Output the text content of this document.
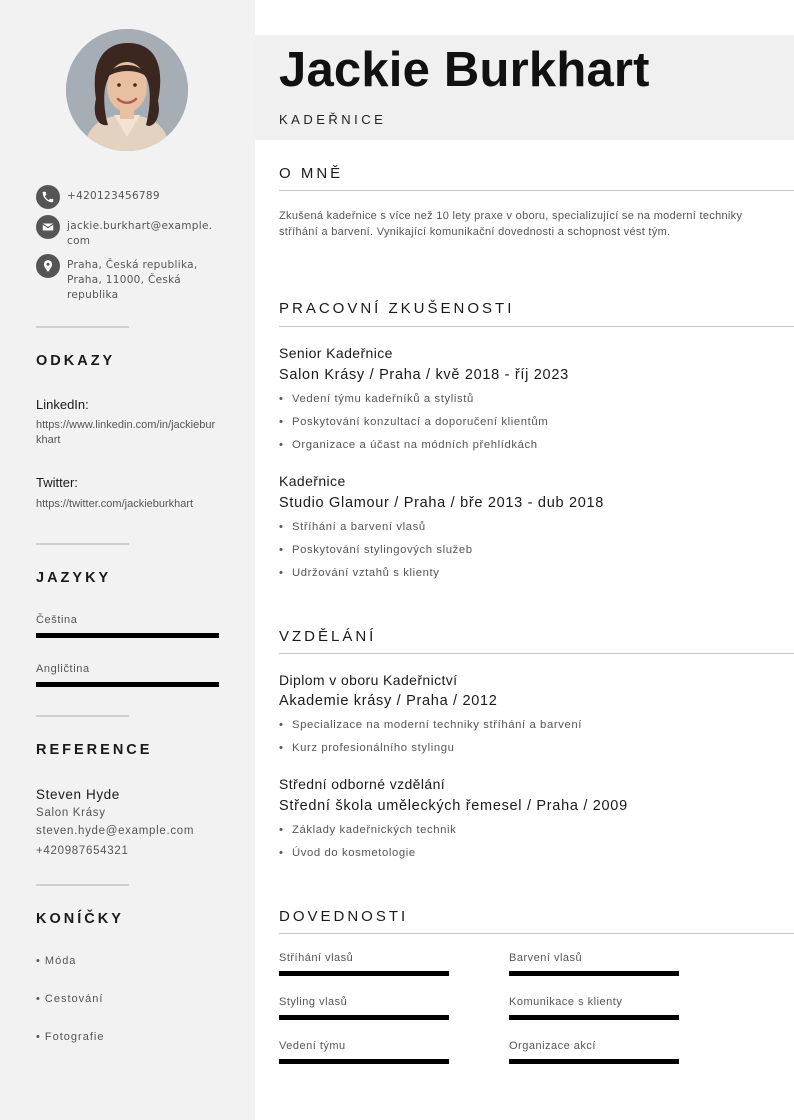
+420123456789
jackie.burkhart@example.com
Praha, Česká republika, Praha, 11000, Česká republika
ODKAZY
LinkedIn:
https://www.linkedin.com/in/jackieburkhart
Twitter:
https://twitter.com/jackieburkhart
JAZYKY
Čeština
Angličtina
REFERENCE
Steven Hyde
Salon Krásy
steven.hyde@example.com
+420987654321
KONÍČKY
• Móda
• Cestování
• Fotografie
Jackie Burkhart
KADEŘNICE
O MNĚ
Zkušená kadeřnice s více než 10 lety praxe v oboru, specializující se na moderní techniky stříhání a barvení. Vynikající komunikační dovednosti a schopnost vést tým.
PRACOVNÍ ZKUŠENOSTI
Senior Kadeřnice
Salon Krásy / Praha / kvě 2018 - říj 2023
• Vedení týmu kadeřníků a stylistů
• Poskytování konzultací a doporučení klientům
• Organizace a účast na módních přehlídkách
Kadeřnice
Studio Glamour / Praha / bře 2013 - dub 2018
• Stříhání a barvení vlasů
• Poskytování stylingových služeb
• Udržování vztahů s klienty
VZDĚLÁNÍ
Diplom v oboru Kadeřnictví
Akademie krásy / Praha / 2012
• Specializace na moderní techniky stříhání a barvení
• Kurz profesionálního stylingu
Střední odborné vzdělání
Střední škola uměleckých řemesel / Praha / 2009
• Základy kadeřnických technik
• Úvod do kosmetologie
DOVEDNOSTI
Stříhání vlasů	Barvení vlasů
Styling vlasů	Komunikace s klienty
Vedení týmu	Organizace akcí
